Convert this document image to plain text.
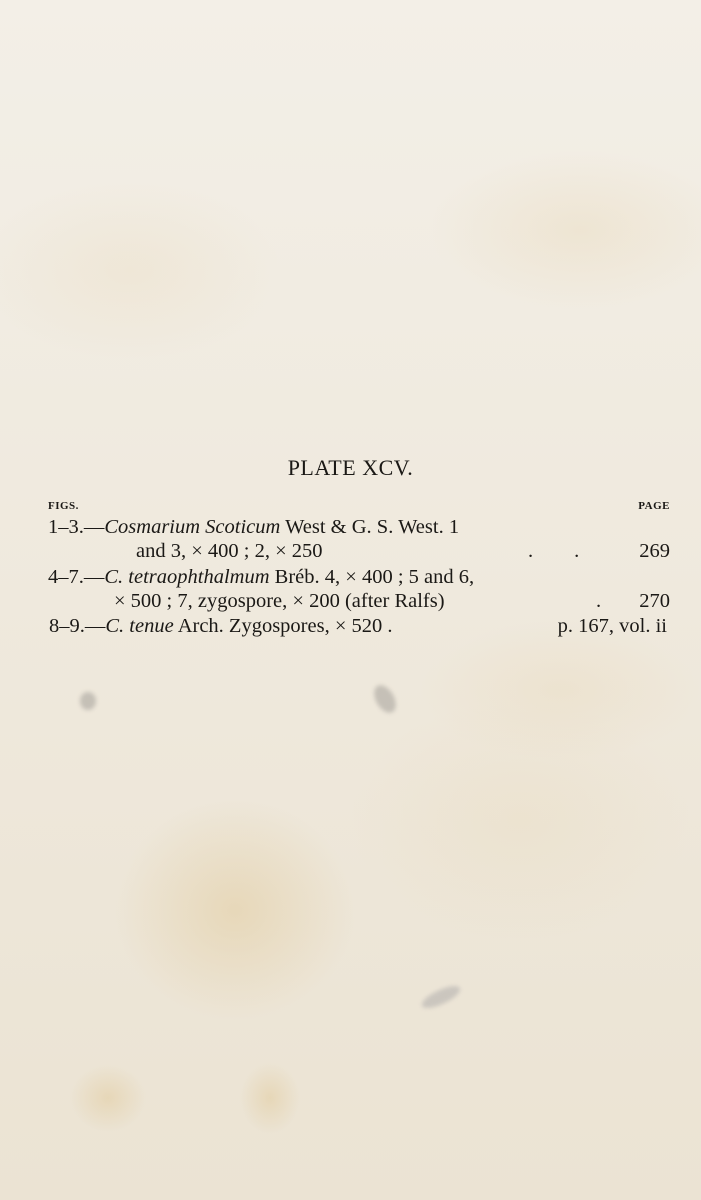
PLATE XCV.
FIGS.	PAGE
1–3.—Cosmarium Scoticum West & G. S. West. 1
and 3, × 400 ; 2, × 250	.        .	269
4–7.—C. tetraophthalmum Bréb. 4, × 400 ; 5 and 6,
× 500 ; 7, zygospore, × 200 (after Ralfs)	. 270
8–9.—C. tenue Arch. Zygospores, × 520 .	p. 167, vol. ii
